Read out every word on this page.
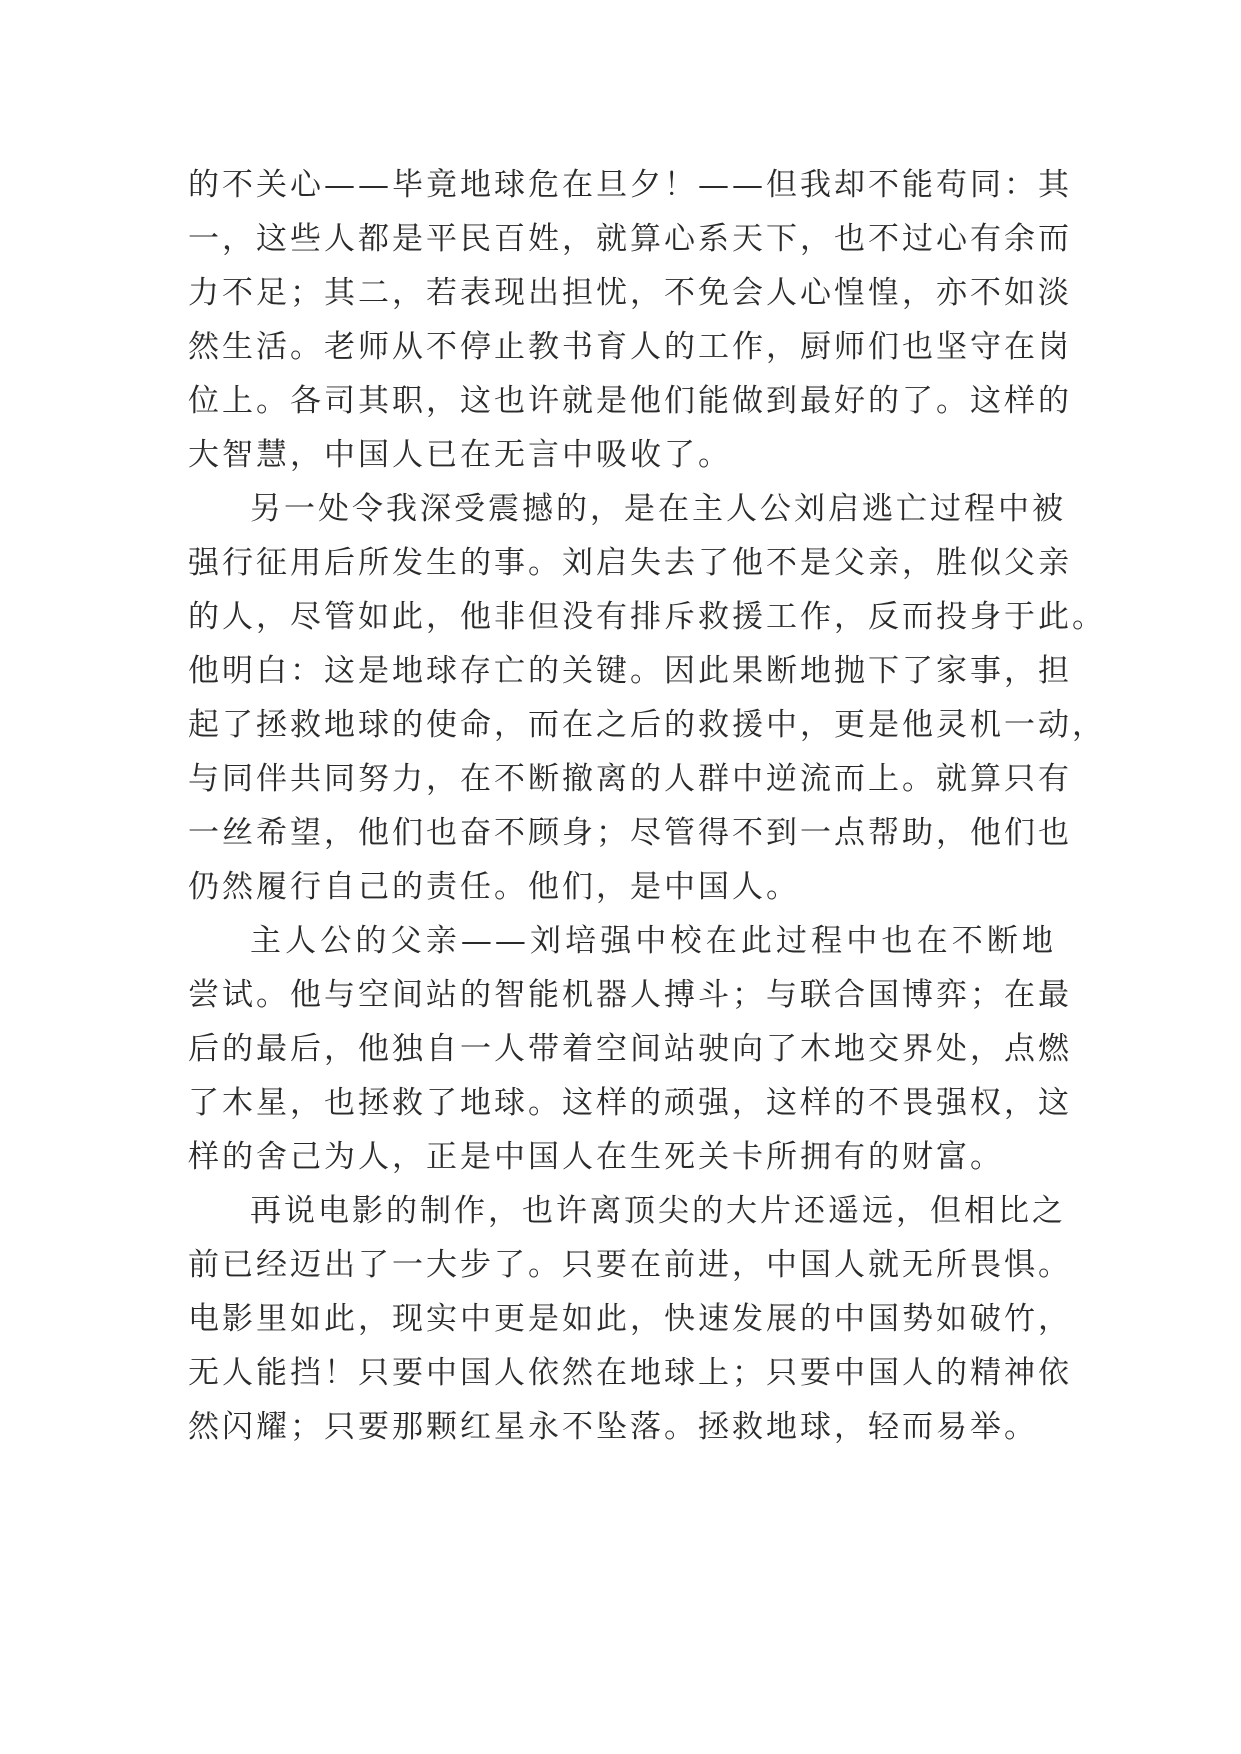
的不关心——毕竟地球危在旦夕！——但我却不能苟同：其
一，这些人都是平民百姓，就算心系天下，也不过心有余而
力不足；其二，若表现出担忧，不免会人心惶惶，亦不如淡
然生活。老师从不停止教书育人的工作，厨师们也坚守在岗
位上。各司其职，这也许就是他们能做到最好的了。这样的
大智慧，中国人已在无言中吸收了。
另一处令我深受震撼的，是在主人公刘启逃亡过程中被
强行征用后所发生的事。刘启失去了他不是父亲，胜似父亲
的人，尽管如此，他非但没有排斥救援工作，反而投身于此。
他明白：这是地球存亡的关键。因此果断地抛下了家事，担
起了拯救地球的使命，而在之后的救援中，更是他灵机一动，
与同伴共同努力，在不断撤离的人群中逆流而上。就算只有
一丝希望，他们也奋不顾身；尽管得不到一点帮助，他们也
仍然履行自己的责任。他们，是中国人。
主人公的父亲——刘培强中校在此过程中也在不断地
尝试。他与空间站的智能机器人搏斗；与联合国博弈；在最
后的最后，他独自一人带着空间站驶向了木地交界处，点燃
了木星，也拯救了地球。这样的顽强，这样的不畏强权，这
样的舍己为人，正是中国人在生死关卡所拥有的财富。
再说电影的制作，也许离顶尖的大片还遥远，但相比之
前已经迈出了一大步了。只要在前进，中国人就无所畏惧。
电影里如此，现实中更是如此，快速发展的中国势如破竹，
无人能挡！只要中国人依然在地球上；只要中国人的精神依
然闪耀；只要那颗红星永不坠落。拯救地球，轻而易举。
